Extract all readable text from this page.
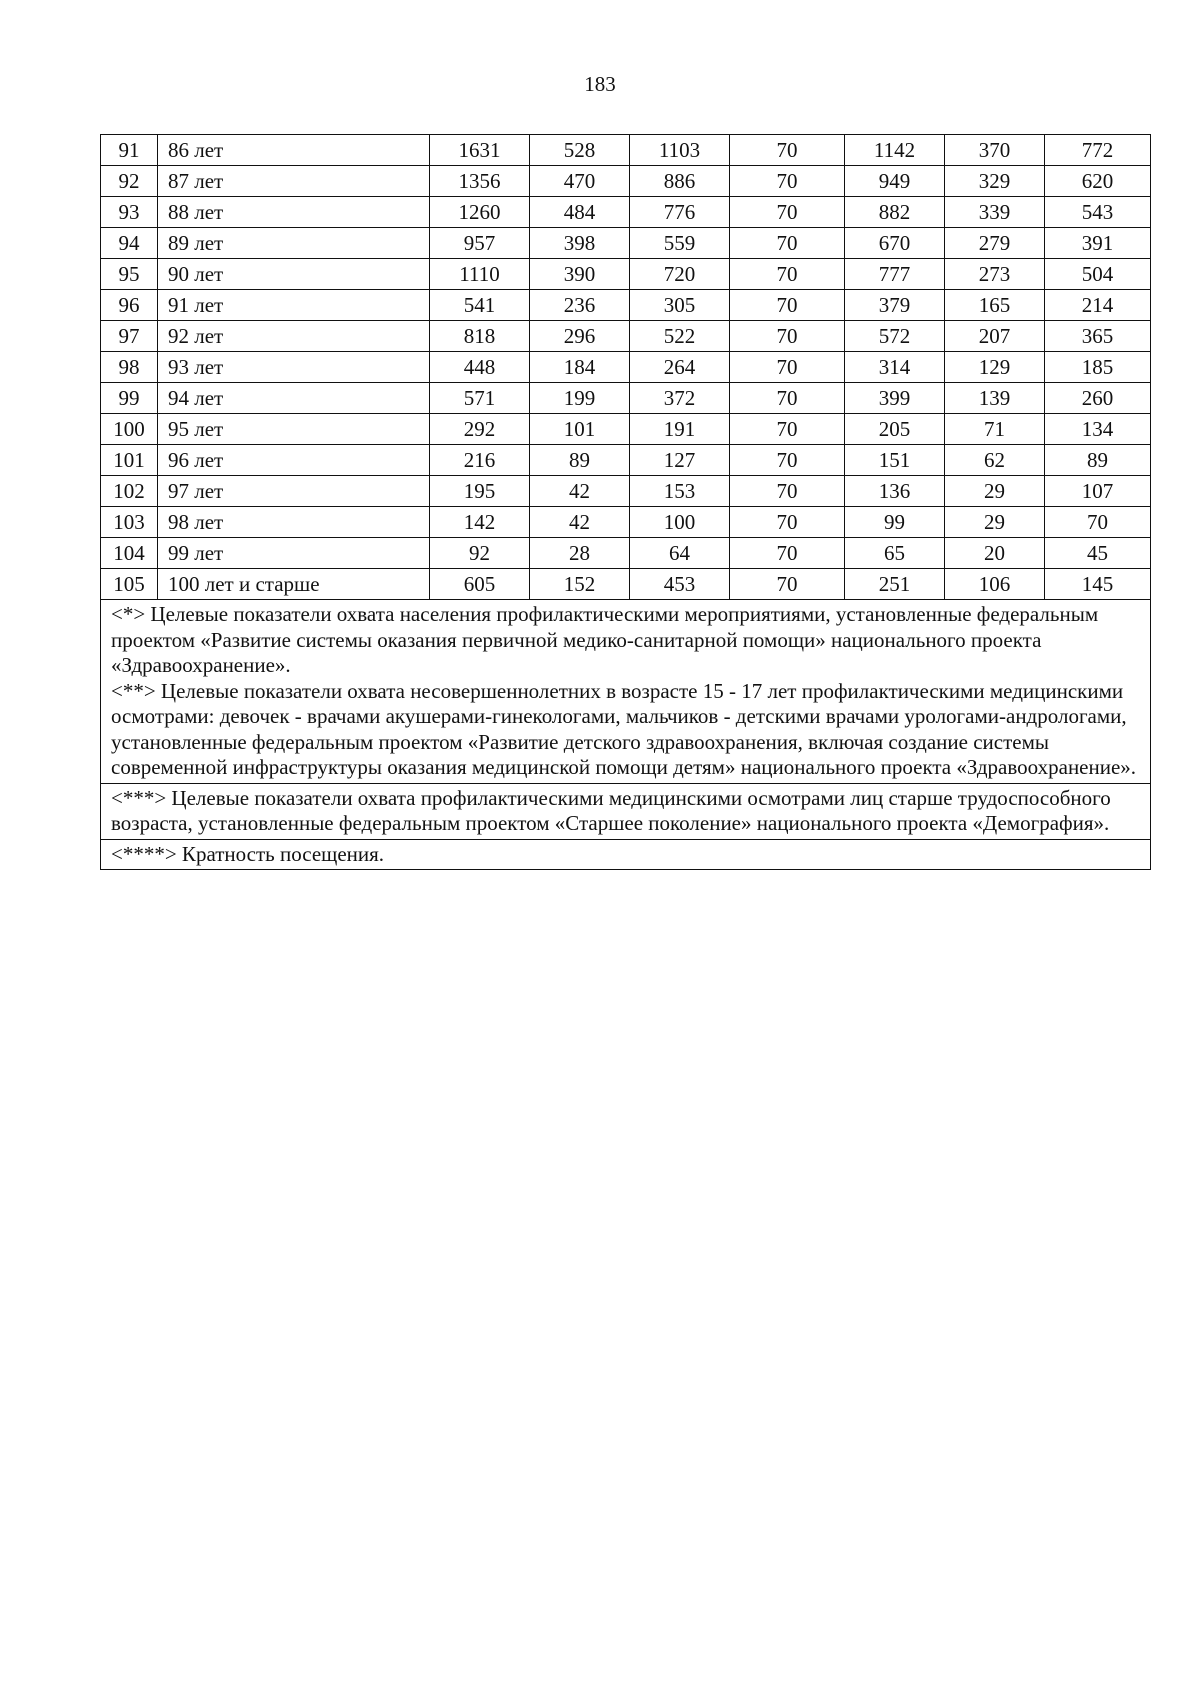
183
91	86 лет	1631	528	1103	70	1142	370	772
92	87 лет	1356	470	886	70	949	329	620
93	88 лет	1260	484	776	70	882	339	543
94	89 лет	957	398	559	70	670	279	391
95	90 лет	1110	390	720	70	777	273	504
96	91 лет	541	236	305	70	379	165	214
97	92 лет	818	296	522	70	572	207	365
98	93 лет	448	184	264	70	314	129	185
99	94 лет	571	199	372	70	399	139	260
100	95 лет	292	101	191	70	205	71	134
101	96 лет	216	89	127	70	151	62	89
102	97 лет	195	42	153	70	136	29	107
103	98 лет	142	42	100	70	99	29	70
104	99 лет	92	28	64	70	65	20	45
105	100 лет и старше	605	152	453	70	251	106	145
<*> Целевые показатели охвата населения профилактическими мероприятиями, установленные федеральным проектом «Развитие системы оказания первичной медико-санитарной помощи» национального проекта «Здравоохранение».
<**> Целевые показатели охвата несовершеннолетних в возрасте 15 - 17 лет профилактическими медицинскими осмотрами: девочек - врачами акушерами-гинекологами, мальчиков - детскими врачами урологами-андрологами, установленные федеральным проектом «Развитие детского здравоохранения, включая создание системы современной инфраструктуры оказания медицинской помощи детям» национального проекта «Здравоохранение».								
<***> Целевые показатели охвата профилактическими медицинскими осмотрами лиц старше трудоспособного возраста, установленные федеральным проектом «Старшее поколение» национального проекта «Демография».								
<****> Кратность посещения.								
